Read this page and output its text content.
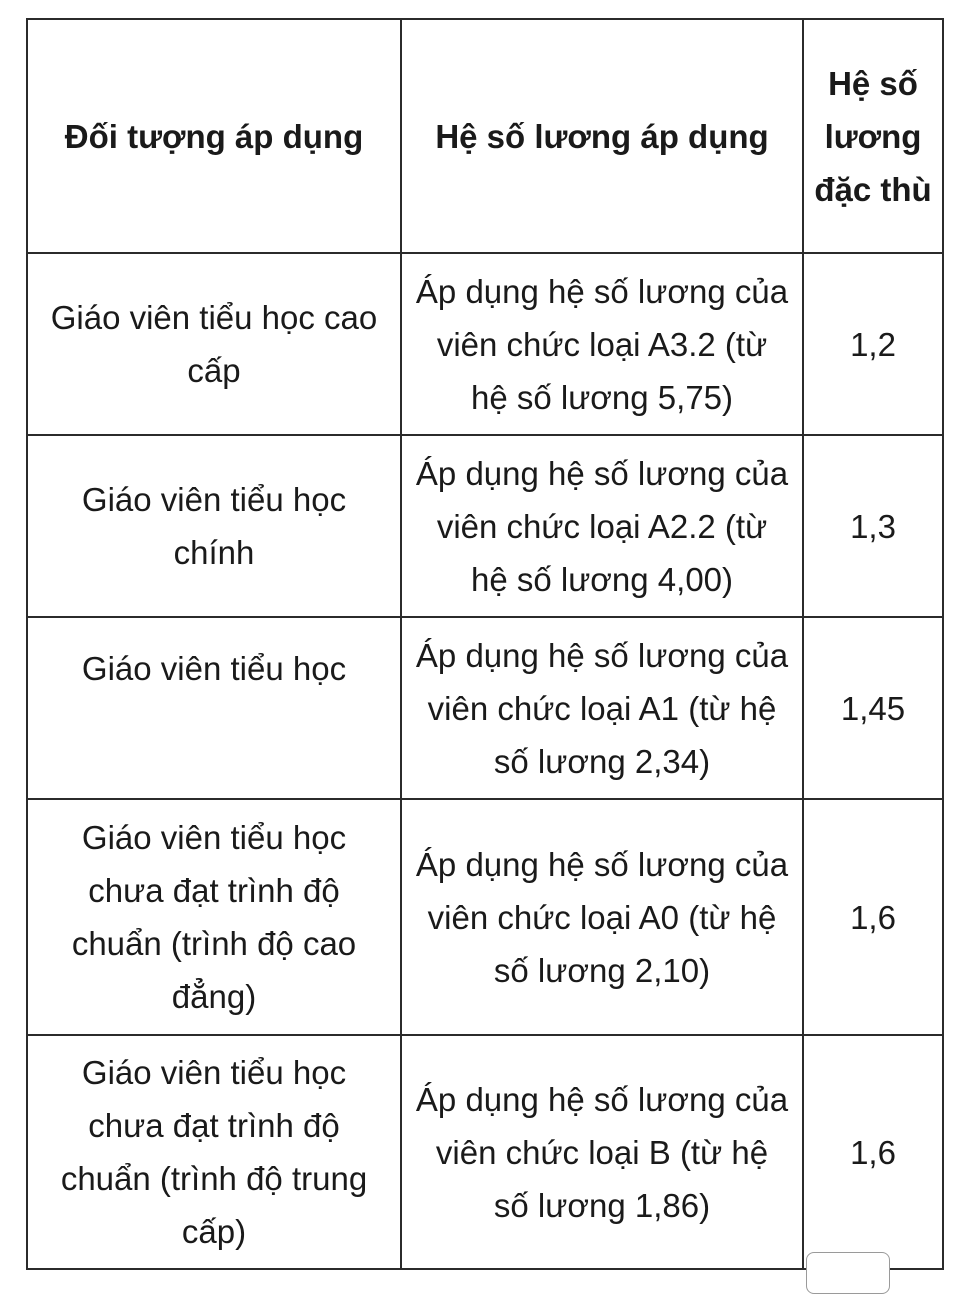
Đối tượng áp dụng	Hệ số lương áp dụng	Hệ số lương đặc thù
Giáo viên tiểu học cao cấp	Áp dụng hệ số lương của viên chức loại A3.2 (từ hệ số lương 5,75)	1,2
Giáo viên tiểu học chính	Áp dụng hệ số lương của viên chức loại A2.2 (từ hệ số lương 4,00)	1,3
Giáo viên tiểu học	Áp dụng hệ số lương của viên chức loại A1 (từ hệ số lương 2,34)	1,45
Giáo viên tiểu học chưa đạt trình độ chuẩn (trình độ cao đẳng)	Áp dụng hệ số lương của viên chức loại A0 (từ hệ số lương 2,10)	1,6
Giáo viên tiểu học chưa đạt trình độ chuẩn (trình độ trung cấp)	Áp dụng hệ số lương của viên chức loại B (từ hệ số lương 1,86)	1,6
